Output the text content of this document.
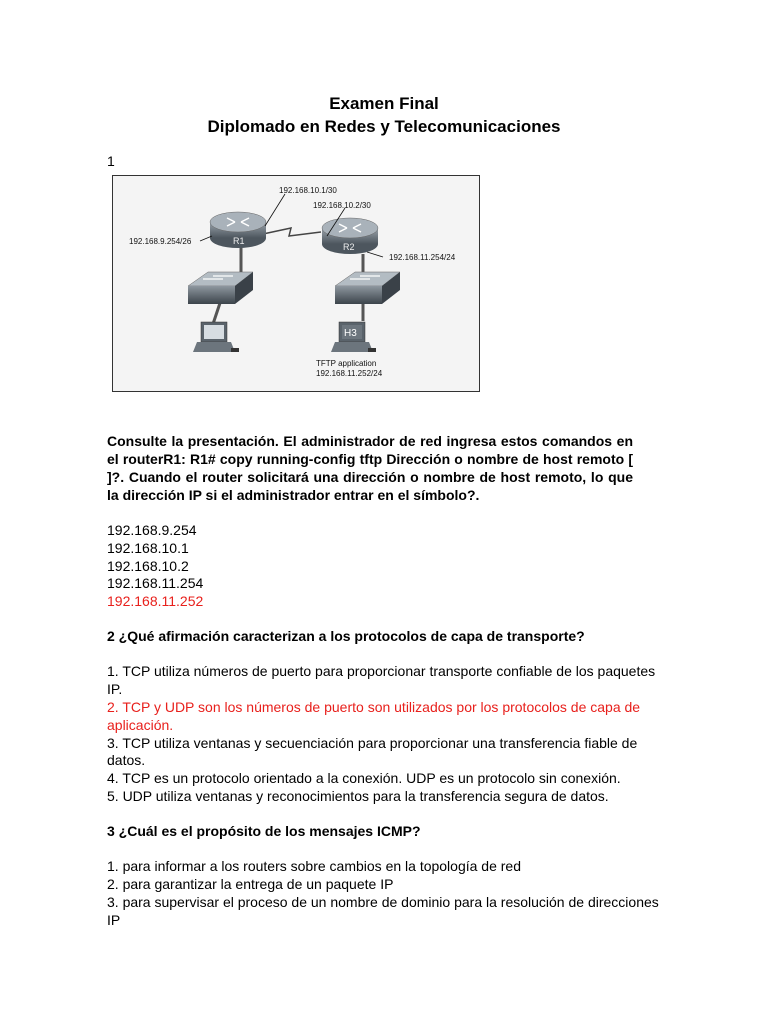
Examen Final
Diplomado en Redes y Telecomunicaciones
1
R1
R2
H3
192.168.10.1/30
192.168.10.2/30
192.168.9.254/26
192.168.11.254/24
TFTP application
192.168.11.252/24
Consulte la presentación. El administrador de red ingresa estos comandos en el routerR1: R1# copy running-config tftp Dirección o nombre de host remoto [ ]?. Cuando el router solicitará una dirección o nombre de host remoto, lo que la dirección IP si el administrador entrar en el símbolo?.
192.168.9.254
192.168.10.1
192.168.10.2
192.168.11.254
192.168.11.252
2 ¿Qué afirmación caracterizan a los protocolos de capa de transporte?
1. TCP utiliza números de puerto para proporcionar transporte confiable de los paquetes
IP.
2. TCP y UDP son los números de puerto son utilizados por los protocolos de capa de
aplicación.
3. TCP utiliza ventanas y secuenciación para proporcionar una transferencia fiable de
datos.
4. TCP es un protocolo orientado a la conexión. UDP es un protocolo sin conexión.
5. UDP utiliza ventanas y reconocimientos para la transferencia segura de datos.
3 ¿Cuál es el propósito de los mensajes ICMP?
1. para informar a los routers sobre cambios en la topología de red
2. para garantizar la entrega de un paquete IP
3. para supervisar el proceso de un nombre de dominio para la resolución de direcciones
IP
